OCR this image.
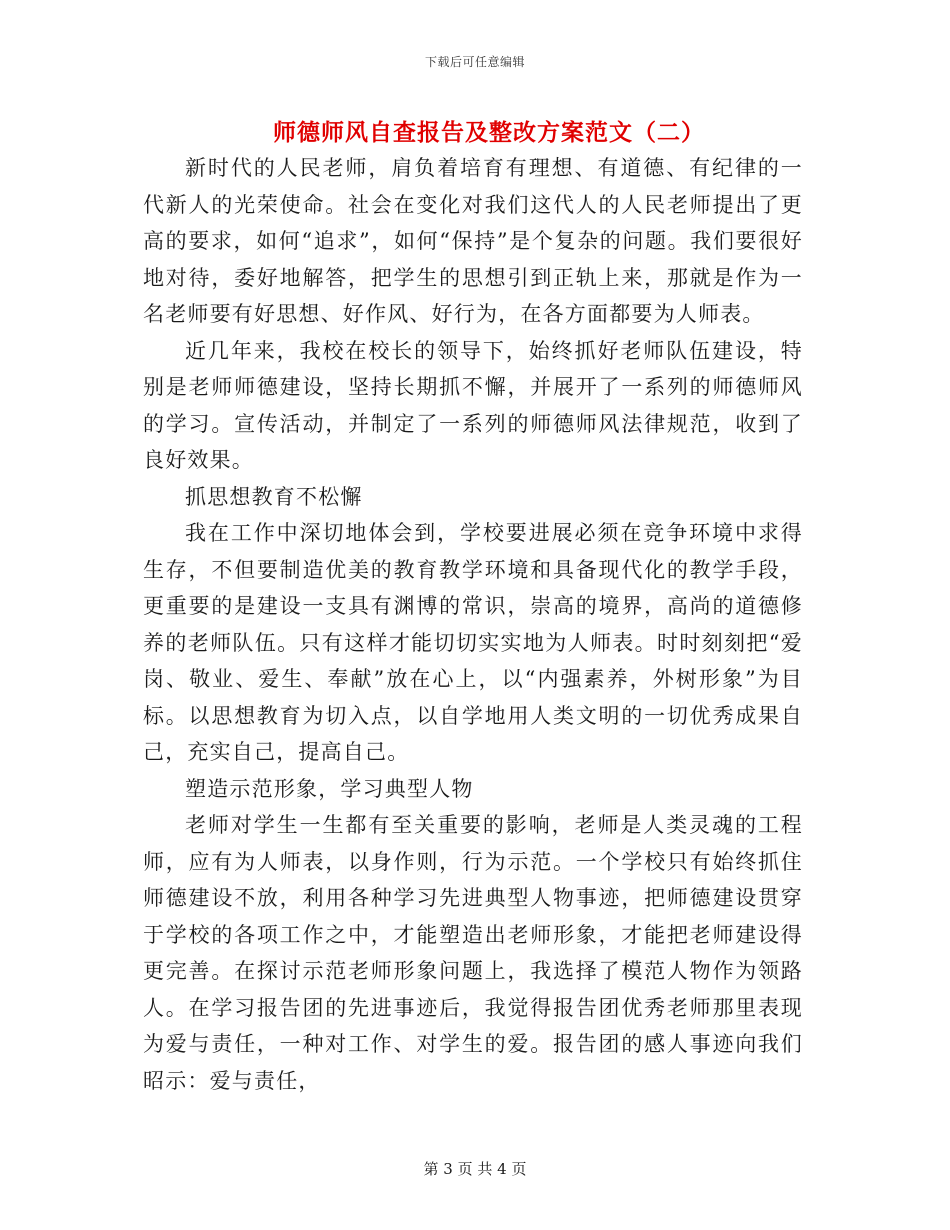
下载后可任意编辑
师德师风自查报告及整改方案范文（二）

新时代的人民老师，肩负着培育有理想、有道德、有纪律的一代新人的光荣使命。社会在变化对我们这代人的人民老师提出了更高的要求，如何“追求”，如何“保持”是个复杂的问题。我们要很好地对待，委好地解答，把学生的思想引到正轨上来，那就是作为一名老师要有好思想、好作风、好行为，在各方面都要为人师表。

近几年来，我校在校长的领导下，始终抓好老师队伍建设，特别是老师师德建设，坚持长期抓不懈，并展开了一系列的师德师风的学习。宣传活动，并制定了一系列的师德师风法律规范，收到了良好效果。

抓思想教育不松懈

我在工作中深切地体会到，学校要进展必须在竞争环境中求得生存，不但要制造优美的教育教学环境和具备现代化的教学手段，更重要的是建设一支具有渊博的常识，崇高的境界，高尚的道德修养的老师队伍。只有这样才能切切实实地为人师表。时时刻刻把“爱岗、敬业、爱生、奉献”放在心上，以“内强素养，外树形象”为目标。以思想教育为切入点，以自学地用人类文明的一切优秀成果自己，充实自己，提高自己。

塑造示范形象，学习典型人物

老师对学生一生都有至关重要的影响，老师是人类灵魂的工程师，应有为人师表，以身作则，行为示范。一个学校只有始终抓住师德建设不放，利用各种学习先进典型人物事迹，把师德建设贯穿于学校的各项工作之中，才能塑造出老师形象，才能把老师建设得更完善。在探讨示范老师形象问题上，我选择了模范人物作为领路人。在学习报告团的先进事迹后，我觉得报告团优秀老师那里表现为爱与责任，一种对工作、对学生的爱。报告团的感人事迹向我们昭示：爱与责任，

第 3 页 共 4 页
